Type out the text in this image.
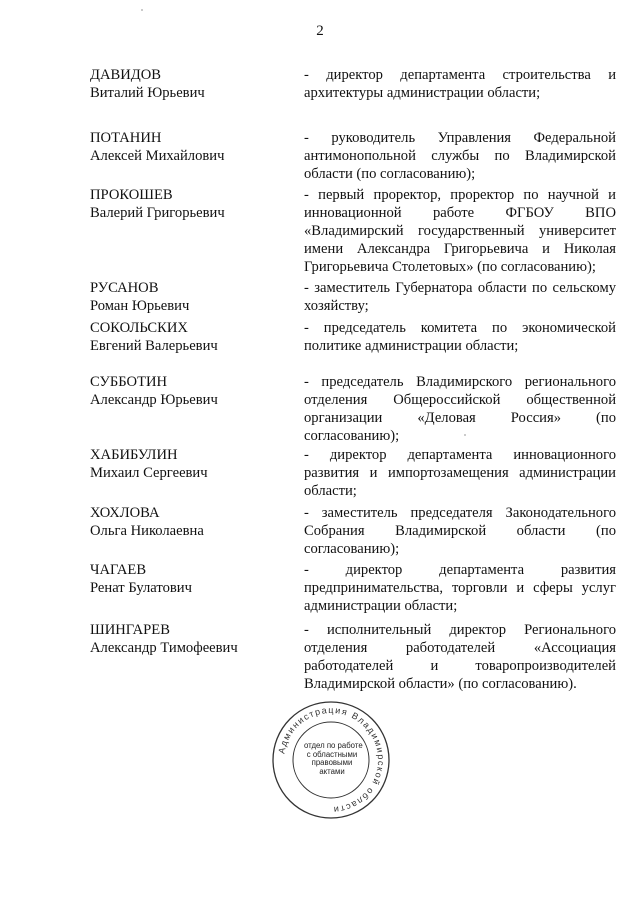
2
ДАВИДОВ
Виталий Юрьевич
- директор департамента строительства и архитектуры администрации области;
ПОТАНИН
Алексей Михайлович
- руководитель Управления Федеральной антимонопольной службы по Владимирской области (по согласованию);
ПРОКОШЕВ
Валерий Григорьевич
- первый проректор, проректор по научной и инновационной работе ФГБОУ ВПО «Владимирский государственный университет имени Александра Григорьевича и Николая Григорьевича Столетовых» (по согласованию);
РУСАНОВ
Роман Юрьевич
- заместитель Губернатора области по сельскому хозяйству;
СОКОЛЬСКИХ
Евгений Валерьевич
- председатель комитета по экономической политике администрации области;
СУББОТИН
Александр Юрьевич
- председатель Владимирского регионального отделения Общероссийской общественной организации «Деловая Россия» (по согласованию);
ХАБИБУЛИН
Михаил Сергеевич
- директор департамента инновационного развития и импортозамещения администрации области;
ХОХЛОВА
Ольга Николаевна
- заместитель председателя Законодательного Собрания Владимирской области (по согласованию);
ЧАГАЕВ
Ренат Булатович
- директор департамента развития предпринимательства, торговли и сферы услуг администрации области;
ШИНГАРЕВ
Александр Тимофеевич
- исполнительный директор Регионального отделения работодателей «Ассоциация работодателей и товаропроизводителей Владимирской области» (по согласованию).
Администрация Владимирской области
отдел по работе
с областными
правовыми
актами
